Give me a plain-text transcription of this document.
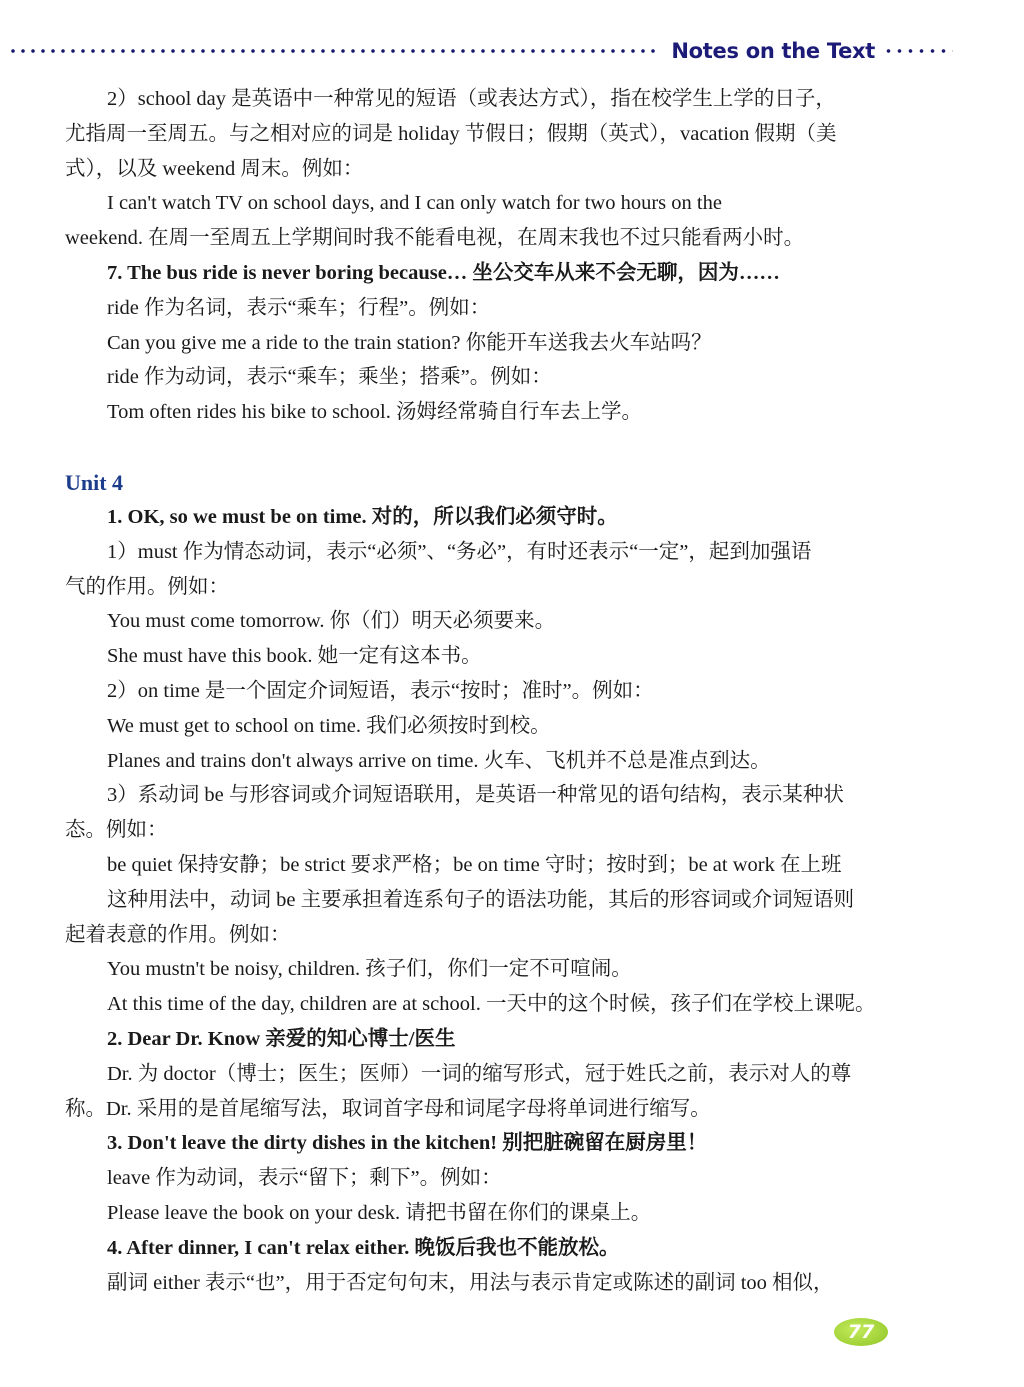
Notes on the Text
2）school day 是英语中一种常见的短语（或表达方式），指在校学生上学的日子，
尤指周一至周五。与之相对应的词是 holiday 节假日；假期（英式），vacation 假期（美
式），以及 weekend 周末。例如：
I can't watch TV on school days, and I can only watch for two hours on the
weekend. 在周一至周五上学期间时我不能看电视，在周末我也不过只能看两小时。
7. The bus ride is never boring because… 坐公交车从来不会无聊，因为……
ride 作为名词，表示“乘车；行程”。例如：
Can you give me a ride to the train station? 你能开车送我去火车站吗？
ride 作为动词，表示“乘车；乘坐；搭乘”。例如：
Tom often rides his bike to school. 汤姆经常骑自行车去上学。
Unit 4
1. OK, so we must be on time. 对的，所以我们必须守时。
1）must 作为情态动词，表示“必须”、“务必”，有时还表示“一定”，起到加强语
气的作用。例如：
You must come tomorrow. 你（们）明天必须要来。
She must have this book. 她一定有这本书。
2）on time 是一个固定介词短语，表示“按时；准时”。例如：
We must get to school on time. 我们必须按时到校。
Planes and trains don't always arrive on time. 火车、飞机并不总是准点到达。
3）系动词 be 与形容词或介词短语联用，是英语一种常见的语句结构，表示某种状
态。例如：
be quiet 保持安静；be strict 要求严格；be on time 守时；按时到；be at work 在上班
这种用法中，动词 be 主要承担着连系句子的语法功能，其后的形容词或介词短语则
起着表意的作用。例如：
You mustn't be noisy, children. 孩子们，你们一定不可喧闹。
At this time of the day, children are at school. 一天中的这个时候，孩子们在学校上课呢。
2. Dear Dr. Know 亲爱的知心博士/医生
Dr. 为 doctor（博士；医生；医师）一词的缩写形式，冠于姓氏之前，表示对人的尊
称。Dr. 采用的是首尾缩写法，取词首字母和词尾字母将单词进行缩写。
3. Don't leave the dirty dishes in the kitchen! 别把脏碗留在厨房里！
leave 作为动词，表示“留下；剩下”。例如：
Please leave the book on your desk. 请把书留在你们的课桌上。
4. After dinner, I can't relax either. 晚饭后我也不能放松。
副词 either 表示“也”，用于否定句句末，用法与表示肯定或陈述的副词 too 相似，
77
